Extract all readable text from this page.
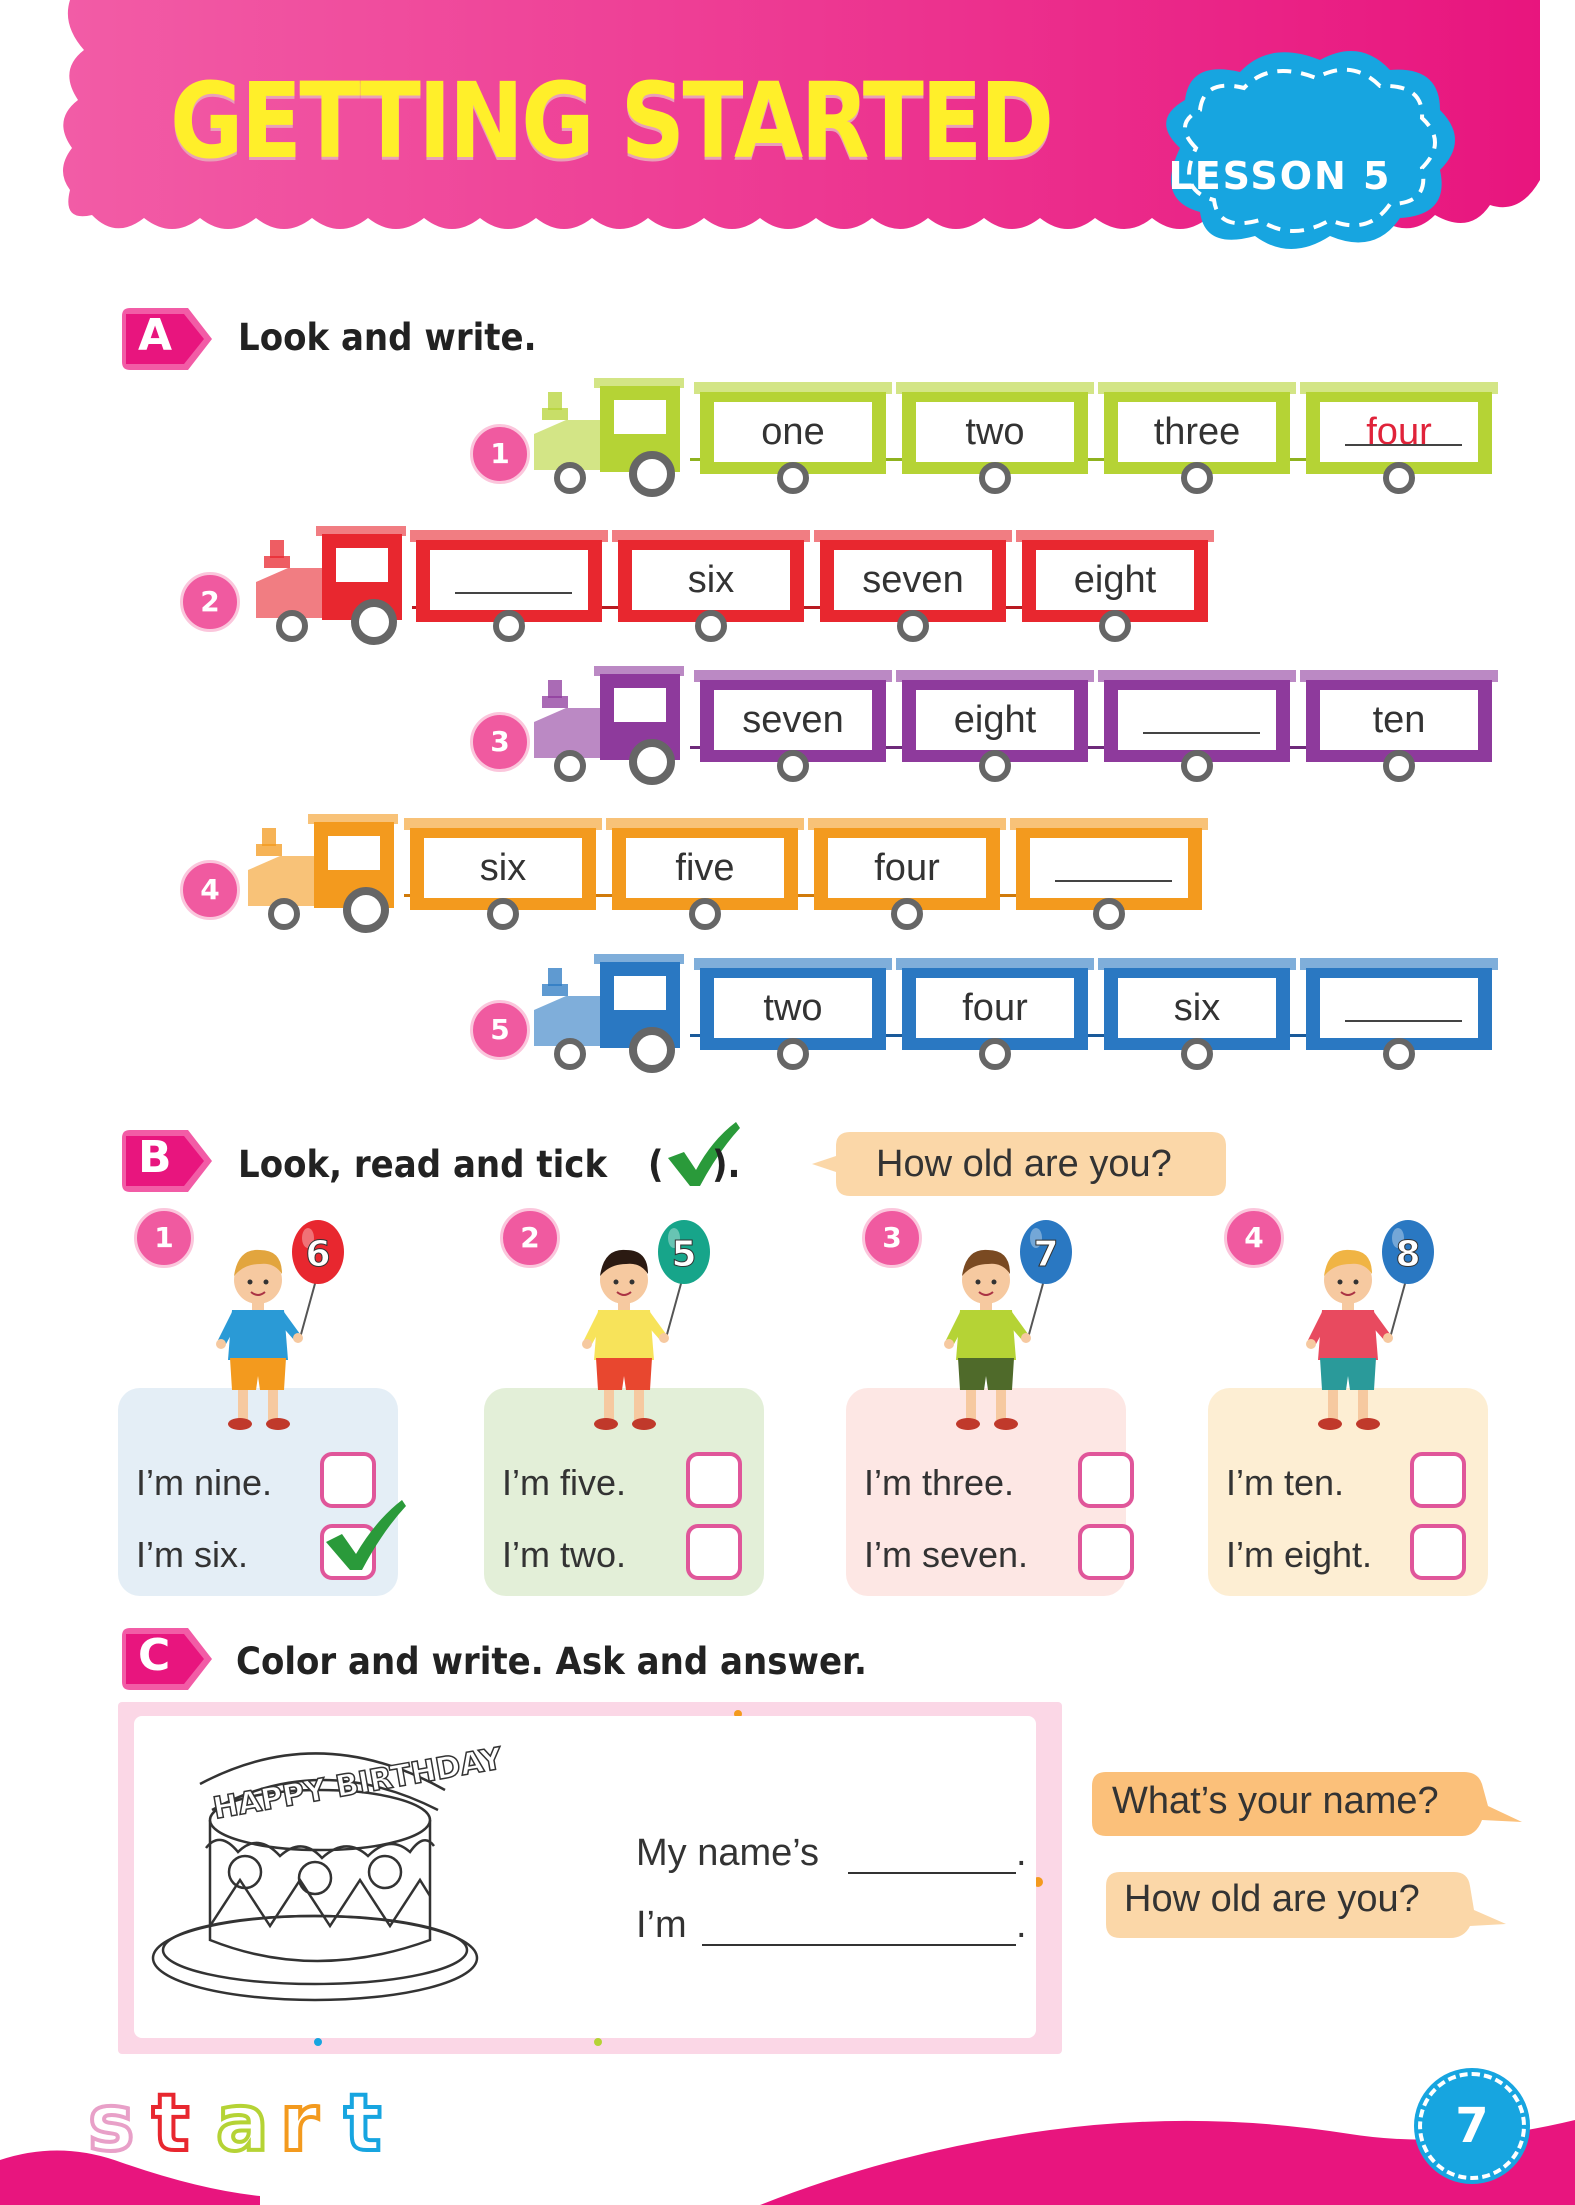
GETTING STARTED	LESSON 5
A Look and write.
1
one	two	three	four
2
six	seven	eight
3
seven	eight	ten
4
six	five	four
5
two	four	six
B Look, read and tick ( ).	How old are you?
1	6
I’m nine.
I’m six.
2	5
I’m five.
I’m two.
3	7
I’m three.
I’m seven.
4	8
I’m ten.
I’m eight.
C Color and write. Ask and answer.
HAPPY BIRTHDAY
My name’s	.
I’m	.
What’s your name?
How old are you?
s t a r t	7
